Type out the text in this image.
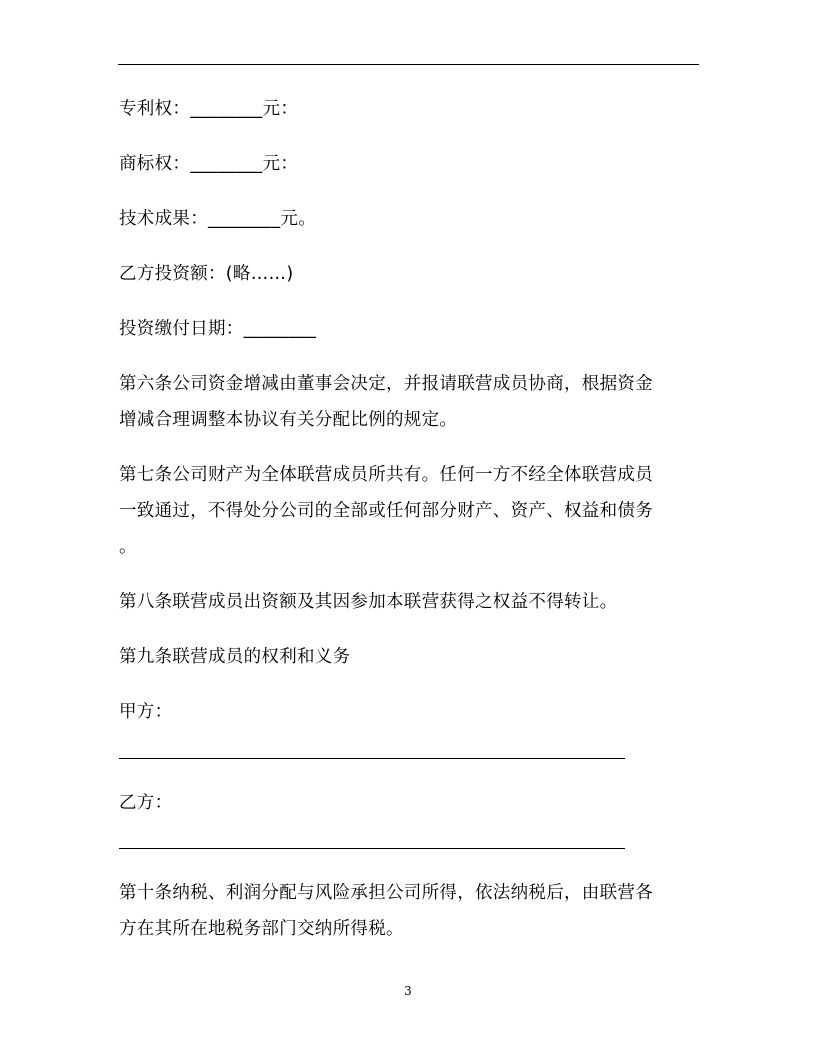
专利权：________元：
商标权：________元：
技术成果：________元。
乙方投资额：(略……)
投资缴付日期：________
第六条公司资金增减由董事会决定，并报请联营成员协商，根据资金
增减合理调整本协议有关分配比例的规定。
第七条公司财产为全体联营成员所共有。任何一方不经全体联营成员
一致通过，不得处分公司的全部或任何部分财产、资产、权益和债务
。
第八条联营成员出资额及其因参加本联营获得之权益不得转让。
第九条联营成员的权利和义务
甲方：
乙方：
第十条纳税、利润分配与风险承担公司所得，依法纳税后，由联营各
方在其所在地税务部门交纳所得税。
3
